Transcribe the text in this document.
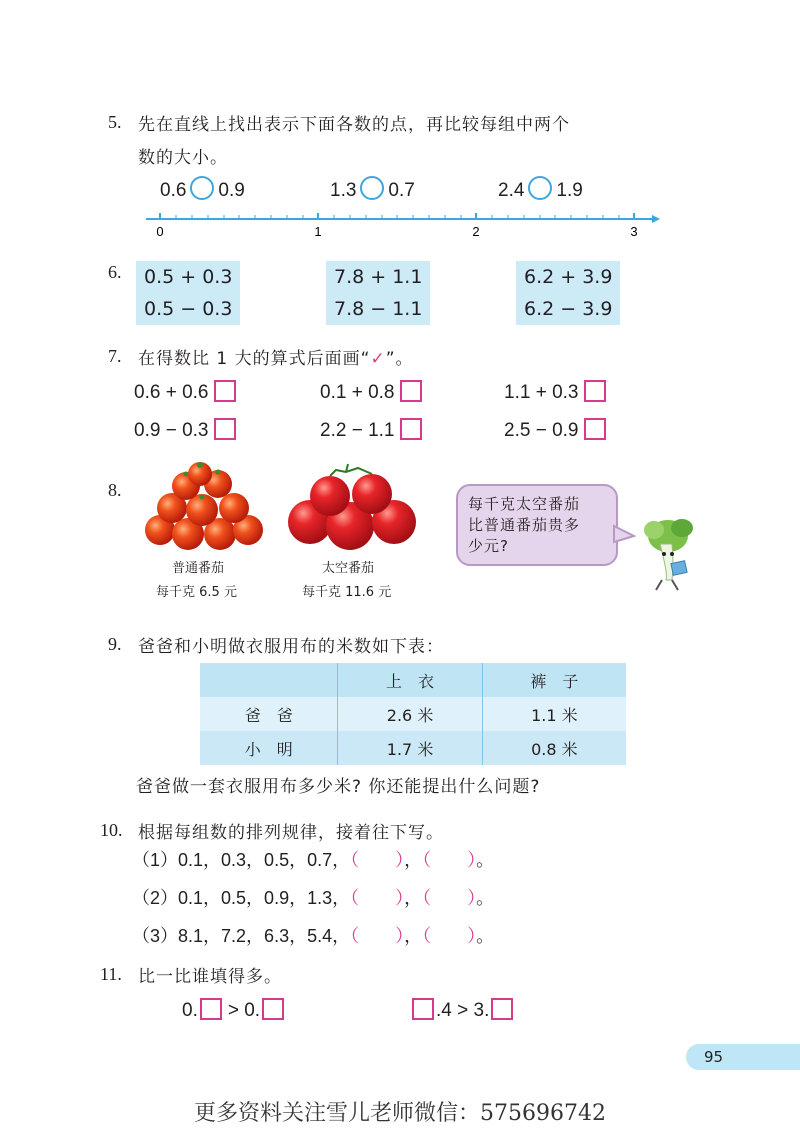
5. 先在直线上找出表示下面各数的点，再比较每组中两个
数的大小。
0.6 0.9	1.3 0.7	2.4 1.9
0	1	2	3
6.	0.5 + 0.3
0.5 − 0.3
7.8 + 1.1
7.8 − 1.1
6.2 + 3.9
6.2 − 3.9
7. 在得数比 1 大的算式后面画“✓”。
0.6 + 0.6	0.1 + 0.8	1.1 + 0.3
0.9 − 0.3	2.2 − 1.1	2.5 − 0.9
8.
普通番茄
每千克 6.5 元
太空番茄
每千克 11.6 元

每千克太空番茄
比普通番茄贵多
少元?

9. 爸爸和小明做衣服用布的米数如下表：
	上　衣	裤　子
爸　爸	2.6 米	1.1 米
小　明	1.7 米	0.8 米
爸爸做一套衣服用布多少米? 你还能提出什么问题?
10. 根据每组数的排列规律，接着往下写。
（1）0.1，0.3，0.5，0.7，（　　），（　　）。
（2）0.1，0.5，0.9，1.3，（　　），（　　）。
（3）8.1，7.2，6.3，5.4，（　　），（　　）。
11. 比一比谁填得多。
0. > 0.	.4 > 3.
95
更多资料关注雪儿老师微信：575696742
